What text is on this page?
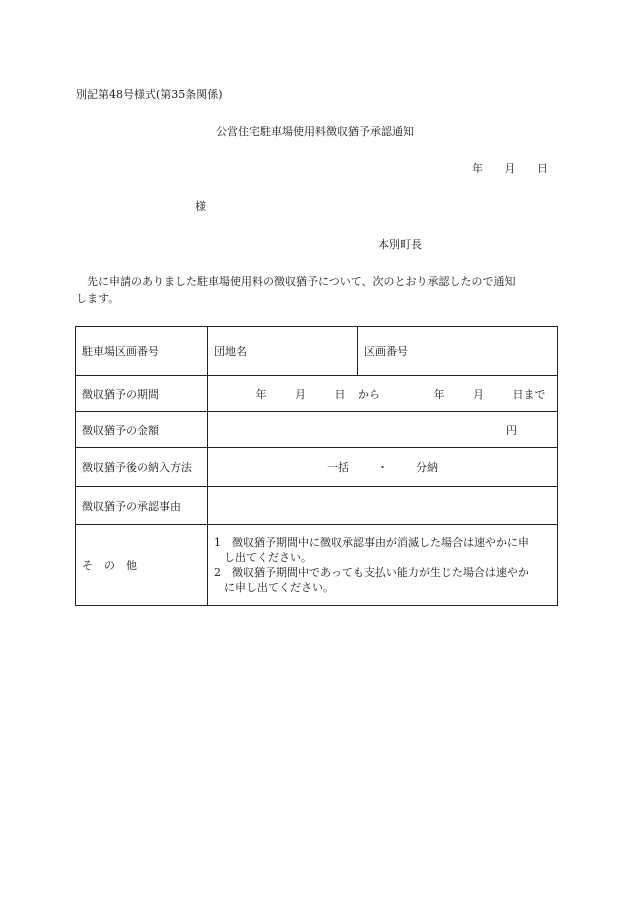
別記第48号様式(第35条関係)
公営住宅駐車場使用料徴収猶予承認通知
年 月 日
様
本別町長
　先に申請のありました駐車場使用料の徴収猶予について、次のとおり承認したので通知
します。
駐車場区画番号	団地名	区画番号
徴収猶予の期間	年 月 日 から 年 月 日まで	
徴収猶予の金額	円	
徴収猶予後の納入方法	一括 ・ 分納	
徴収猶予の承認事由		
そ　の　他	1　徴収猶予期間中に徴収承認事由が消滅した場合は速やかに申
し出てください。
2　徴収猶予期間中であっても支払い能力が生じた場合は速やか
に申し出てください。	
